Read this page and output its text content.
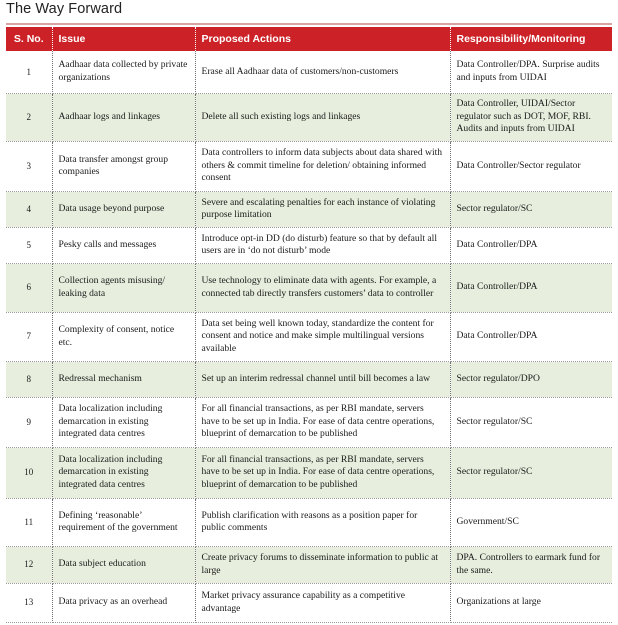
The Way Forward
S. No.	Issue	Proposed Actions	Responsibility/Monitoring
1	Aadhaar data collected by private organizations	Erase all Aadhaar data of customers/non-customers	Data Controller/DPA. Surprise audits and inputs from UIDAI
2	Aadhaar logs and linkages	Delete all such existing logs and linkages	Data Controller, UIDAI/Sector regulator such as DOT, MOF, RBI. Audits and inputs from UIDAI
3	Data transfer amongst group companies	Data controllers to inform data subjects about data shared with others & commit timeline for deletion/ obtaining informed consent	Data Controller/Sector regulator
4	Data usage beyond purpose	Severe and escalating penalties for each instance of violating purpose limitation	Sector regulator/SC
5	Pesky calls and messages	Introduce opt-in DD (do disturb) feature so that by default all users are in ‘do not disturb’ mode	Data Controller/DPA
6	Collection agents misusing/ leaking data	Use technology to eliminate data with agents. For example, a connected tab directly transfers customers’ data to controller	Data Controller/DPA
7	Complexity of consent, notice etc.	Data set being well known today, standardize the content for consent and notice and make simple multilingual versions available	Data Controller/DPA
8	Redressal mechanism	Set up an interim redressal channel until bill becomes a law	Sector regulator/DPO
9	Data localization including demarcation in existing integrated data centres	For all financial transactions, as per RBI mandate, servers have to be set up in India. For ease of data centre operations, blueprint of demarcation to be published	Sector regulator/SC
10	Data localization including demarcation in existing integrated data centres	For all financial transactions, as per RBI mandate, servers have to be set up in India. For ease of data centre operations, blueprint of demarcation to be published	Sector regulator/SC
11	Defining ‘reasonable’ requirement of the government	Publish clarification with reasons as a position paper for public comments	Government/SC
12	Data subject education	Create privacy forums to disseminate information to public at large	DPA. Controllers to earmark fund for the same.
13	Data privacy as an overhead	Market privacy assurance capability as a competitive advantage	Organizations at large
